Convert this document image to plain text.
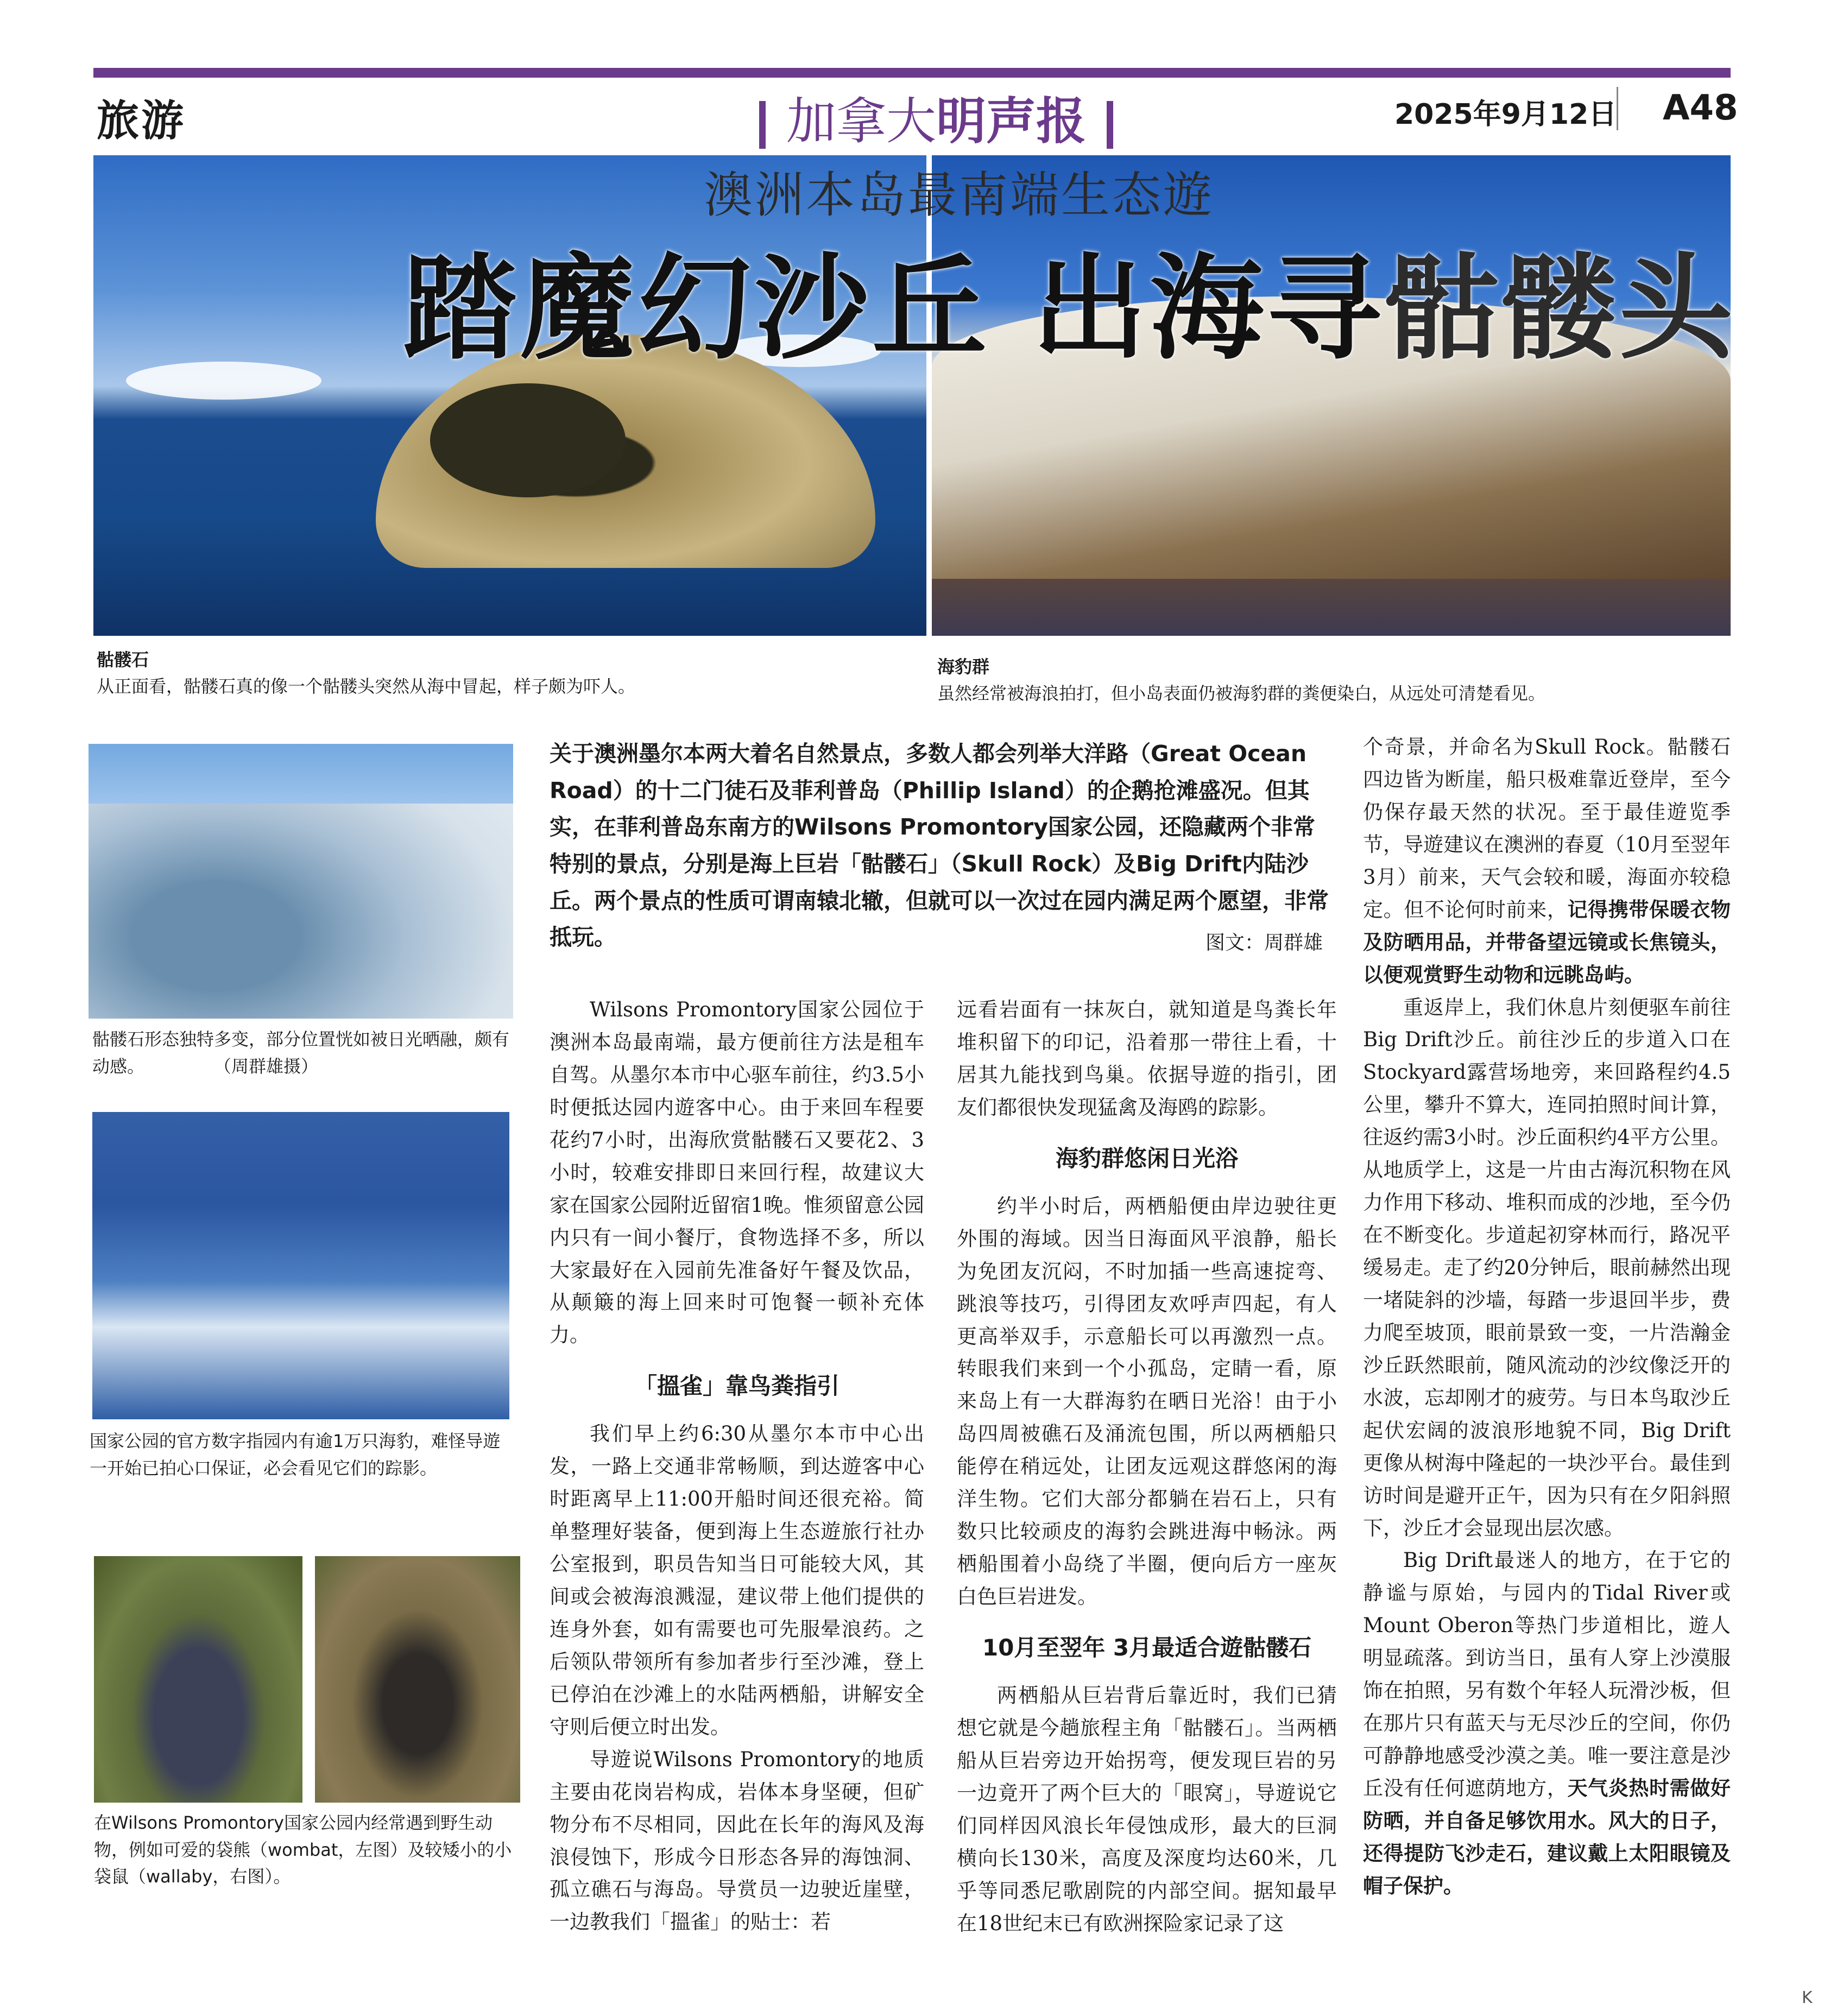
旅游	加拿大明声报	2025年9月12日 A48
澳洲本岛最南端生态遊
踏魔幻沙丘 出海寻骷髅头
骷髅石
从正面看，骷髅石真的像一个骷髅头突然从海中冒起，样子颇为吓人。
海豹群
虽然经常被海浪拍打，但小岛表面仍被海豹群的粪便染白，从远处可清楚看见。
骷髅石形态独特多变，部分位置恍如被日光晒融，颇有动感。　　　　　（周群雄摄）
国家公园的官方数字指园内有逾1万只海豹，难怪导遊一开始已拍心口保证，必会看见它们的踪影。
在Wilsons Promontory国家公园内经常遇到野生动物，例如可爱的袋熊（wombat，左图）及较矮小的小袋鼠（wallaby，右图）。
关于澳洲墨尔本两大着名自然景点，多数人都会列举大洋路（Great Ocean Road）的十二门徒石及菲利普岛（Phillip Island）的企鹅抢滩盛况。但其实，在菲利普岛东南方的Wilsons Promontory国家公园，还隐藏两个非常特别的景点，分别是海上巨岩「骷髅石」（Skull Rock）及Big Drift内陆沙丘。两个景点的性质可谓南辕北辙，但就可以一次过在园内满足两个愿望，非常抵玩。	图文：周群雄

Wilsons Promontory国家公园位于澳洲本岛最南端，最方便前往方法是租车自驾。从墨尔本市中心驱车前往，约3.5小时便抵达园内遊客中心。由于来回车程要花约7小时，出海欣赏骷髅石又要花2、3小时，较难安排即日来回行程，故建议大家在国家公园附近留宿1晚。惟须留意公园内只有一间小餐厅，食物选择不多，所以大家最好在入园前先准备好午餐及饮品，从颠簸的海上回来时可饱餐一顿补充体力。

「搵雀」靠鸟粪指引

我们早上约6:30从墨尔本市中心出发，一路上交通非常畅顺，到达遊客中心时距离早上11:00开船时间还很充裕。简单整理好装备，便到海上生态遊旅行社办公室报到，职员告知当日可能较大风，其间或会被海浪溅湿，建议带上他们提供的连身外套，如有需要也可先服晕浪药。之后领队带领所有参加者步行至沙滩，登上已停泊在沙滩上的水陆两栖船，讲解安全守则后便立时出发。

导遊说Wilsons Promontory的地质主要由花岗岩构成，岩体本身坚硬，但矿物分布不尽相同，因此在长年的海风及海浪侵蚀下，形成今日形态各异的海蚀洞、孤立礁石与海岛。导赏员一边驶近崖壁，一边教我们「搵雀」的贴士：若

远看岩面有一抹灰白，就知道是鸟粪长年堆积留下的印记，沿着那一带往上看，十居其九能找到鸟巢。依据导遊的指引，团友们都很快发现猛禽及海鸥的踪影。

海豹群悠闲日光浴

约半小时后，两栖船便由岸边驶往更外围的海域。因当日海面风平浪静，船长为免团友沉闷，不时加插一些高速掟弯、跳浪等技巧，引得团友欢呼声四起，有人更高举双手，示意船长可以再激烈一点。转眼我们来到一个小孤岛，定睛一看，原来岛上有一大群海豹在晒日光浴！由于小岛四周被礁石及涌流包围，所以两栖船只能停在稍远处，让团友远观这群悠闲的海洋生物。它们大部分都躺在岩石上，只有数只比较顽皮的海豹会跳进海中畅泳。两栖船围着小岛绕了半圈，便向后方一座灰白色巨岩进发。

10月至翌年 3月最适合遊骷髅石

两栖船从巨岩背后靠近时，我们已猜想它就是今趟旅程主角「骷髅石」。当两栖船从巨岩旁边开始拐弯，便发现巨岩的另一边竟开了两个巨大的「眼窝」，导遊说它们同样因风浪长年侵蚀成形，最大的巨洞横向长130米，高度及深度均达60米，几乎等同悉尼歌剧院的内部空间。据知最早在18世纪末已有欧洲探险家记录了这

个奇景，并命名为Skull Rock。骷髅石四边皆为断崖，船只极难靠近登岸，至今仍保存最天然的状况。至于最佳遊览季节，导遊建议在澳洲的春夏（10月至翌年3月）前来，天气会较和暖，海面亦较稳定。但不论何时前来，记得携带保暖衣物及防晒用品，并带备望远镜或长焦镜头，以便观赏野生动物和远眺岛屿。

重返岸上，我们休息片刻便驱车前往Big Drift沙丘。前往沙丘的步道入口在Stockyard露营场地旁，来回路程约4.5公里，攀升不算大，连同拍照时间计算，往返约需3小时。沙丘面积约4平方公里。从地质学上，这是一片由古海沉积物在风力作用下移动、堆积而成的沙地，至今仍在不断变化。步道起初穿林而行，路况平缓易走。走了约20分钟后，眼前赫然出现一堵陡斜的沙墙，每踏一步退回半步，费力爬至坡顶，眼前景致一变，一片浩瀚金沙丘跃然眼前，随风流动的沙纹像泛开的水波，忘却刚才的疲劳。与日本鸟取沙丘起伏宏阔的波浪形地貌不同，Big Drift更像从树海中隆起的一块沙平台。最佳到访时间是避开正午，因为只有在夕阳斜照下，沙丘才会显现出层次感。

Big Drift最迷人的地方，在于它的静谧与原始，与园内的Tidal River或Mount Oberon等热门步道相比，遊人明显疏落。到访当日，虽有人穿上沙漠服饰在拍照，另有数个年轻人玩滑沙板，但在那片只有蓝天与无尽沙丘的空间，你仍可静静地感受沙漠之美。唯一要注意是沙丘没有任何遮荫地方，天气炎热时需做好防晒，并自备足够饮用水。风大的日子，还得提防飞沙走石，建议戴上太阳眼镜及帽子保护。

K
